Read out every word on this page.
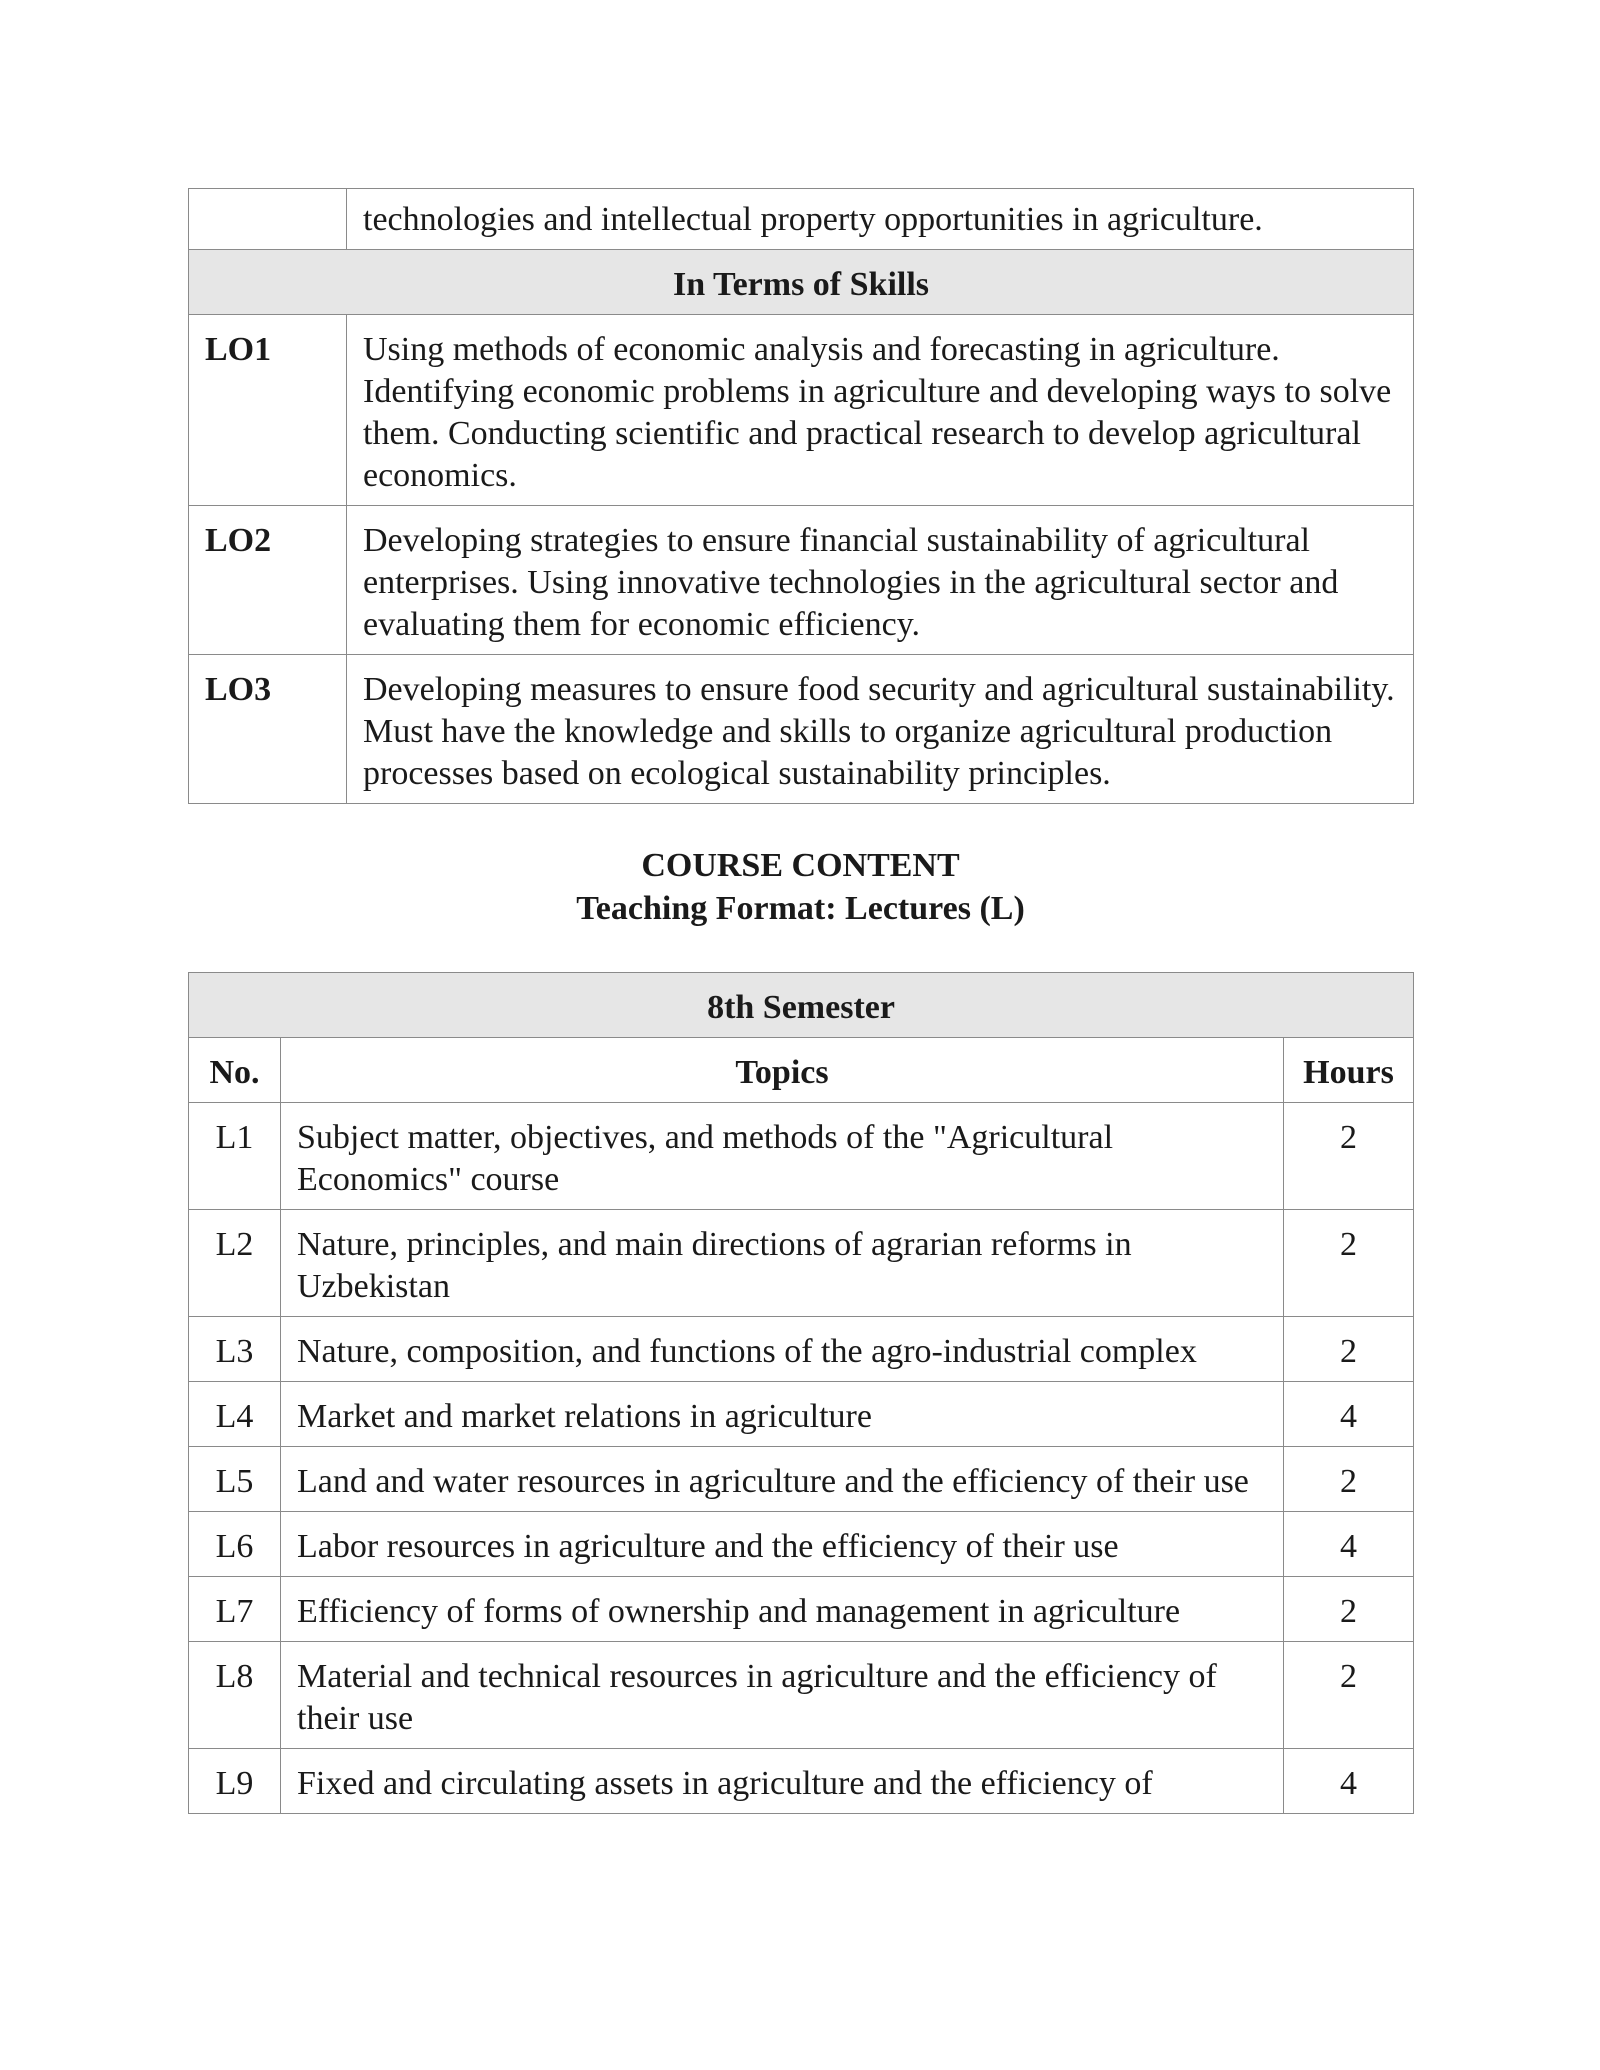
	technologies and intellectual property opportunities in agriculture.
In Terms of Skills	
LO1	Using methods of economic analysis and forecasting in agriculture. Identifying economic problems in agriculture and developing ways to solve them. Conducting scientific and practical research to develop agricultural economics.
LO2	Developing strategies to ensure financial sustainability of agricultural enterprises. Using innovative technologies in the agricultural sector and evaluating them for economic efficiency.
LO3	Developing measures to ensure food security and agricultural sustainability. Must have the knowledge and skills to organize agricultural production processes based on ecological sustainability principles.

COURSE CONTENT

Teaching Format: Lectures (L)

8th Semester		
No.	Topics	Hours
L1	Subject matter, objectives, and methods of the "Agricultural Economics" course	2
L2	Nature, principles, and main directions of agrarian reforms in Uzbekistan	2
L3	Nature, composition, and functions of the agro-industrial complex	2
L4	Market and market relations in agriculture	4
L5	Land and water resources in agriculture and the efficiency of their use	2
L6	Labor resources in agriculture and the efficiency of their use	4
L7	Efficiency of forms of ownership and management in agriculture	2
L8	Material and technical resources in agriculture and the efficiency of their use	2
L9	Fixed and circulating assets in agriculture and the efficiency of	4
